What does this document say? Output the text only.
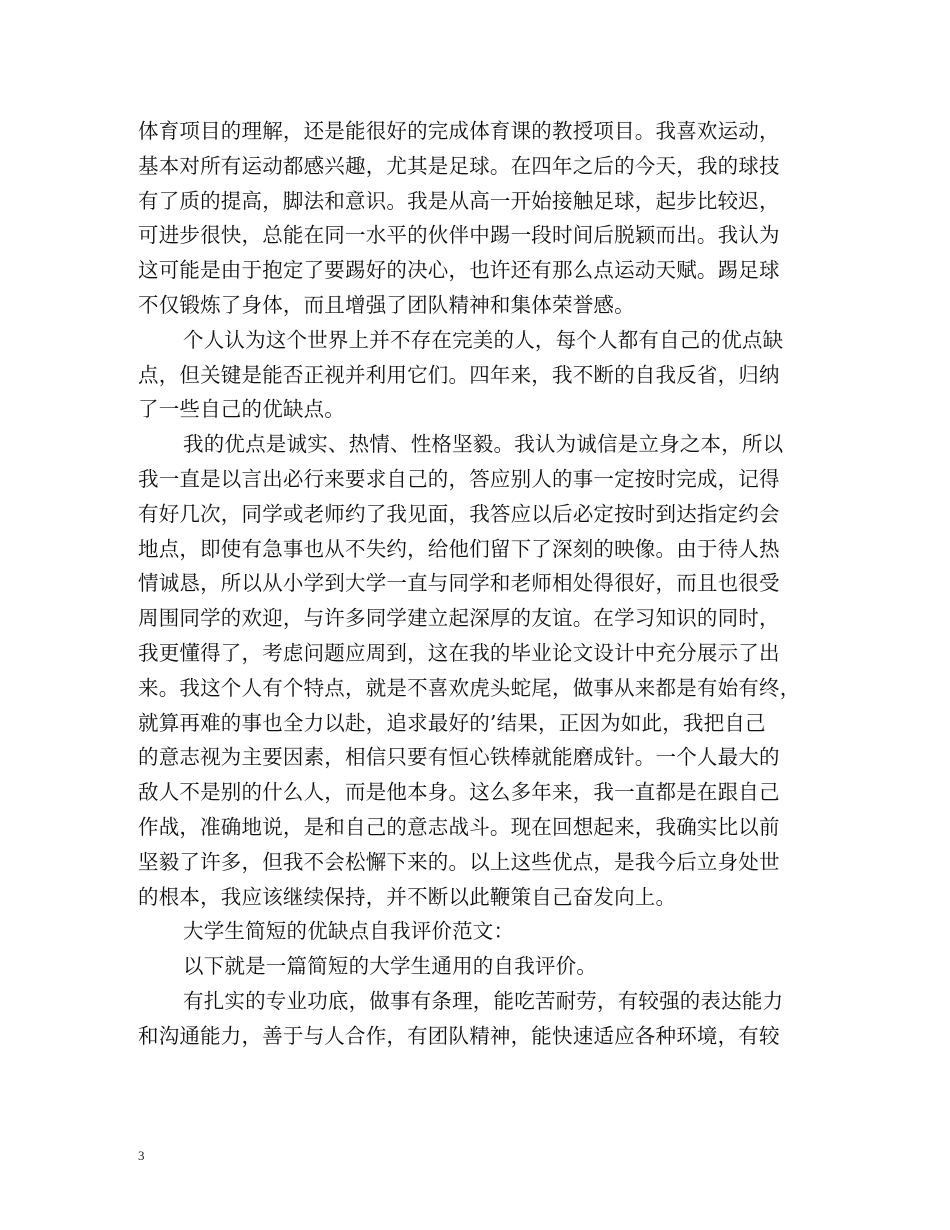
体育项目的理解，还是能很好的完成体育课的教授项目。我喜欢运动，
基本对所有运动都感兴趣，尤其是足球。在四年之后的今天，我的球技
有了质的提高，脚法和意识。我是从高一开始接触足球，起步比较迟，
可进步很快，总能在同一水平的伙伴中踢一段时间后脱颖而出。我认为
这可能是由于抱定了要踢好的决心，也许还有那么点运动天赋。踢足球
不仅锻炼了身体，而且增强了团队精神和集体荣誉感。
个人认为这个世界上并不存在完美的人，每个人都有自己的优点缺
点，但关键是能否正视并利用它们。四年来，我不断的自我反省，归纳
了一些自己的优缺点。
我的优点是诚实、热情、性格坚毅。我认为诚信是立身之本，所以
我一直是以言出必行来要求自己的，答应别人的事一定按时完成，记得
有好几次，同学或老师约了我见面，我答应以后必定按时到达指定约会
地点，即使有急事也从不失约，给他们留下了深刻的映像。由于待人热
情诚恳，所以从小学到大学一直与同学和老师相处得很好，而且也很受
周围同学的欢迎，与许多同学建立起深厚的友谊。在学习知识的同时，
我更懂得了，考虑问题应周到，这在我的毕业论文设计中充分展示了出
来。我这个人有个特点，就是不喜欢虎头蛇尾，做事从来都是有始有终，
就算再难的事也全力以赴，追求最好的’结果，正因为如此，我把自己
的意志视为主要因素，相信只要有恒心铁棒就能磨成针。一个人最大的
敌人不是别的什么人，而是他本身。这么多年来，我一直都是在跟自己
作战，准确地说，是和自己的意志战斗。现在回想起来，我确实比以前
坚毅了许多，但我不会松懈下来的。以上这些优点，是我今后立身处世
的根本，我应该继续保持，并不断以此鞭策自己奋发向上。
大学生简短的优缺点自我评价范文：
以下就是一篇简短的大学生通用的自我评价。
有扎实的专业功底，做事有条理，能吃苦耐劳，有较强的表达能力
和沟通能力，善于与人合作，有团队精神，能快速适应各种环境，有较
3
